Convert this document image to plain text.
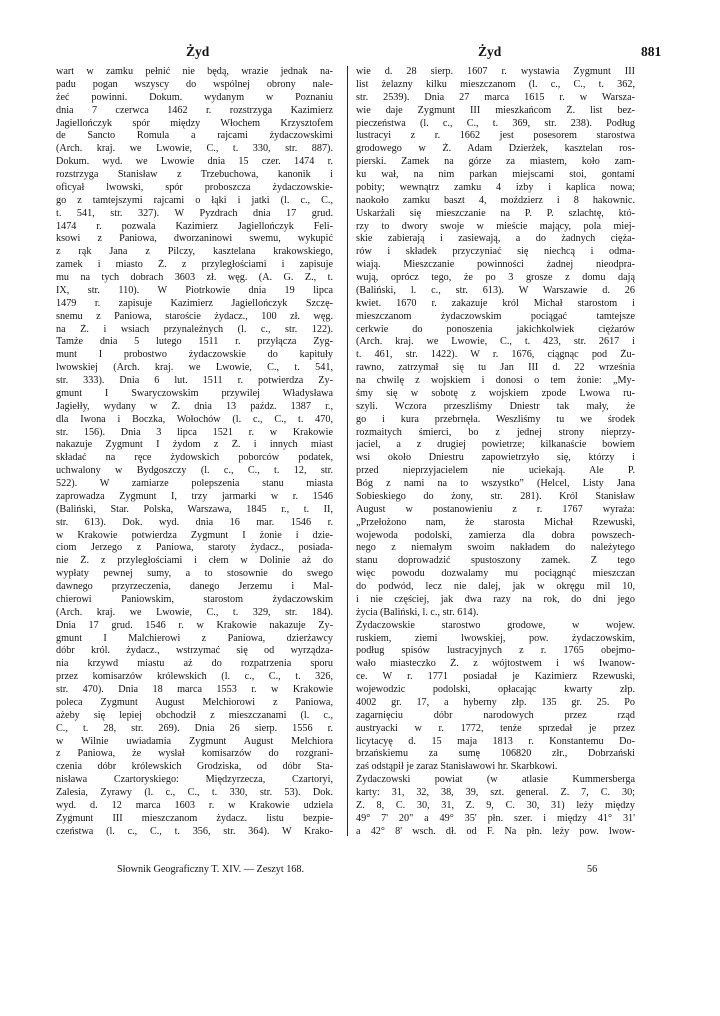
Żyd	Żyd	881

wart w zamku pełnić nie będą, wrazie jednak na-

padu pogan wszyscy do wspólnej obrony nale-

żeć powinni. Dokum. wydanym w Poznaniu

dnia 7 czerwca 1462 r. rozstrzyga Kazimierz

Jagiellończyk spór między Włochem Krzysztofem

de Sancto Romula a rajcami żydaczowskimi

(Arch. kraj. we Lwowie, C., t. 330, str. 887).

Dokum. wyd. we Lwowie dnia 15 czer. 1474 r.

rozstrzyga Stanisław z Trzebuchowa, kanonik i

oficyał lwowski, spór proboszcza żydaczowskie-

go z tamtejszymi rajcami o łąki i jatki (l. c., C.,

t. 541, str. 327). W Pyzdrach dnia 17 grud.

1474 r. pozwala Kazimierz Jagiellończyk Feli-

ksowi z Paniowa, dworzaninowi swemu, wykupić

z rąk Jana z Pilczy, kasztelana krakowskiego,

zamek i miasto Ż. z przyległościami i zapisuje

mu na tych dobrach 3603 zł. węg. (A. G. Z., t.

IX, str. 110). W Piotrkowie dnia 19 lipca

1479 r. zapisuje Kazimierz Jagiellończyk Szczę-

snemu z Paniowa, staroście żydacz., 100 zł. węg.

na Ż. i wsiach przynależnych (l. c., str. 122).

Tamże dnia 5 lutego 1511 r. przyłącza Zyg-

munt I probostwo żydaczowskie do kapituły

lwowskiej (Arch. kraj. we Lwowie, C., t. 541,

str. 333). Dnia 6 lut. 1511 r. potwierdza Zy-

gmunt I Swaryczowskim przywilej Władysława

Jagiełły, wydany w Ż. dnia 13 paźdz. 1387 r.,

dla Iwona i Boczka, Wołochów (l. c., C., t. 470,

str. 156). Dnia 3 lipca 1521 r. w Krakowie

nakazuje Zygmunt I żydom z Ż. i innych miast

składać na ręce żydowskich poborców podatek,

uchwalony w Bydgoszczy (l. c., C., t. 12, str.

522). W zamiarze polepszenia stanu miasta

zaprowadza Zygmunt I, trzy jarmarki w r. 1546

(Baliński, Star. Polska, Warszawa, 1845 r., t. II,

str. 613). Dok. wyd. dnia 16 mar. 1546 r.

w Krakowie potwierdza Zygmunt I żonie i dzie-

ciom Jerzego z Paniowa, staroty żydacz., posiada-

nie Ż. z przyległościami i cłem w Dolinie aż do

wypłaty pewnej sumy, a to stosownie do swego

dawnego przyrzeczenia, danego Jerzemu i Mal-

chierowi Paniowskim, starostom żydaczowskim

(Arch. kraj. we Lwowie, C., t. 329, str. 184).

Dnia 17 grud. 1546 r. w Krakowie nakazuje Zy-

gmunt I Malchierowi z Paniowa, dzierżawcy

dóbr król. żydacz., wstrzymać się od wyrządza-

nia krzywd miastu aż do rozpatrzenia sporu

przez komisarzów królewskich (l. c., C., t. 326,

str. 470). Dnia 18 marca 1553 r. w Krakowie

poleca Zygmunt August Melchiorowi z Paniowa,

ażeby się lepiej obchodził z mieszczanami (l. c.,

C., t. 28, str. 269). Dnia 26 sierp. 1556 r.

w Wilnie uwiadamia Zygmunt August Melchiora

z Paniowa, że wysłał komisarzów do rozgrani-

czenia dóbr królewskich Grodziska, od dóbr Sta-

nisława Czartoryskiego: Międzyrzecza, Czartoryi,

Zalesia, Zyrawy (l. c., C., t. 330, str. 53). Dok.

wyd. d. 12 marca 1603 r. w Krakowie udziela

Zygmunt III mieszczanom żydacz. listu bezpie-

czeństwa (l. c., C., t. 356, str. 364). W Krako-

wie d. 28 sierp. 1607 r. wystawia Zygmunt III

list żelazny kilku mieszczanom (l. c., C., t. 362,

str. 2539). Dnia 27 marca 1615 r. w Warsza-

wie daje Zygmunt III mieszkańcom Ż. list bez-

pieczeństwa (l. c., C., t. 369, str. 238). Podług

lustracyi z r. 1662 jest posesorem starostwa

grodowego w Ż. Adam Dzierżek, kasztelan ros-

pierski. Zamek na górze za miastem, koło zam-

ku wał, na nim parkan miejscami stoi, gontami

pobity; wewnątrz zamku 4 izby i kaplica nowa;

naokoło zamku baszt 4, moździerz i 8 hakownic.

Uskarżali się mieszczanie na P. P. szlachtę, któ-

rzy to dwory swoje w mieście mający, pola miej-

skie zabierają i zasiewają, a do żadnych cięża-

rów i składek przyczyniać się niechcą i odma-

wiają. Mieszczanie powinności żadnej nieodpra-

wują, oprócz tego, że po 3 grosze z domu dają

(Baliński, l. c., str. 613). W Warszawie d. 26

kwiet. 1670 r. zakazuje król Michał starostom i

mieszczanom żydaczowskim pociągać tamtejsze

cerkwie do ponoszenia jakichkolwiek ciężarów

(Arch. kraj. we Lwowie, C., t. 423, str. 2617 i

t. 461, str. 1422). W r. 1676, ciągnąc pod Żu-

rawno, zatrzymał się tu Jan III d. 22 września

na chwilę z wojskiem i donosi o tem żonie: „My-

śmy się w sobotę z wojskiem zpode Lwowa ru-

szyli. Wczora przeszliśmy Dniestr tak mały, że

go i kura przebrnęła. Weszliśmy tu we środek

rozmaitych śmierci, bo z jednej strony nieprzy-

jaciel, a z drugiej powietrze; kilkanaście bowiem

wsi około Dniestru zapowietrzyło się, którzy i

przed nieprzyjacielem nie uciekają. Ale P.

Bóg z nami na to wszystko” (Helcel, Listy Jana

Sobieskiego do żony, str. 281). Król Stanisław

August w postanowieniu z r. 1767 wyraża:

„Przełożono nam, że starosta Michał Rzewuski,

wojewoda podolski, zamierza dla dobra powszech-

nego z niemałym swoim nakładem do należytego

stanu doprowadzić spustoszony zamek. Z tego

więc powodu dozwalamy mu pociągnąć mieszczan

do podwód, lecz nie dalej, jak w okręgu mil 10,

i nie częściej, jak dwa razy na rok, do dni jego

życia (Baliński, l. c., str. 614).

Żydaczowskie starostwo grodowe, w wojew.

ruskiem, ziemi lwowskiej, pow. żydaczowskim,

podług spisów lustracyjnych z r. 1765 obejmo-

wało miasteczko Ż. z wójtostwem i wś Iwanow-

ce. W r. 1771 posiadał je Kazimierz Rzewuski,

wojewodzic podolski, opłacając kwarty złp.

4002 gr. 17, a hyberny złp. 135 gr. 25. Po

zagarnięciu dóbr narodowych przez rząd

austryacki w r. 1772, tenże sprzedał je przez

licytacyę d. 15 maja 1813 r. Konstantemu Do-

brzańskiemu za sumę 106820 złr., Dobrzański

zaś odstąpił je zaraz Stanisławowi hr. Skarbkowi.

Żydaczowski powiat (w atlasie Kummersberga

karty: 31, 32, 38, 39, szt. general. Z. 7, C. 30;

Z. 8, C. 30, 31, Z. 9, C. 30, 31) leży między

49° 7' 20" a 49° 35' płn. szer. i między 41° 31'

a 42° 8' wsch. dł. od F. Na płn. leży pow. lwow-

Słownik Geograficzny T. XIV. — Zeszyt 168.	56
